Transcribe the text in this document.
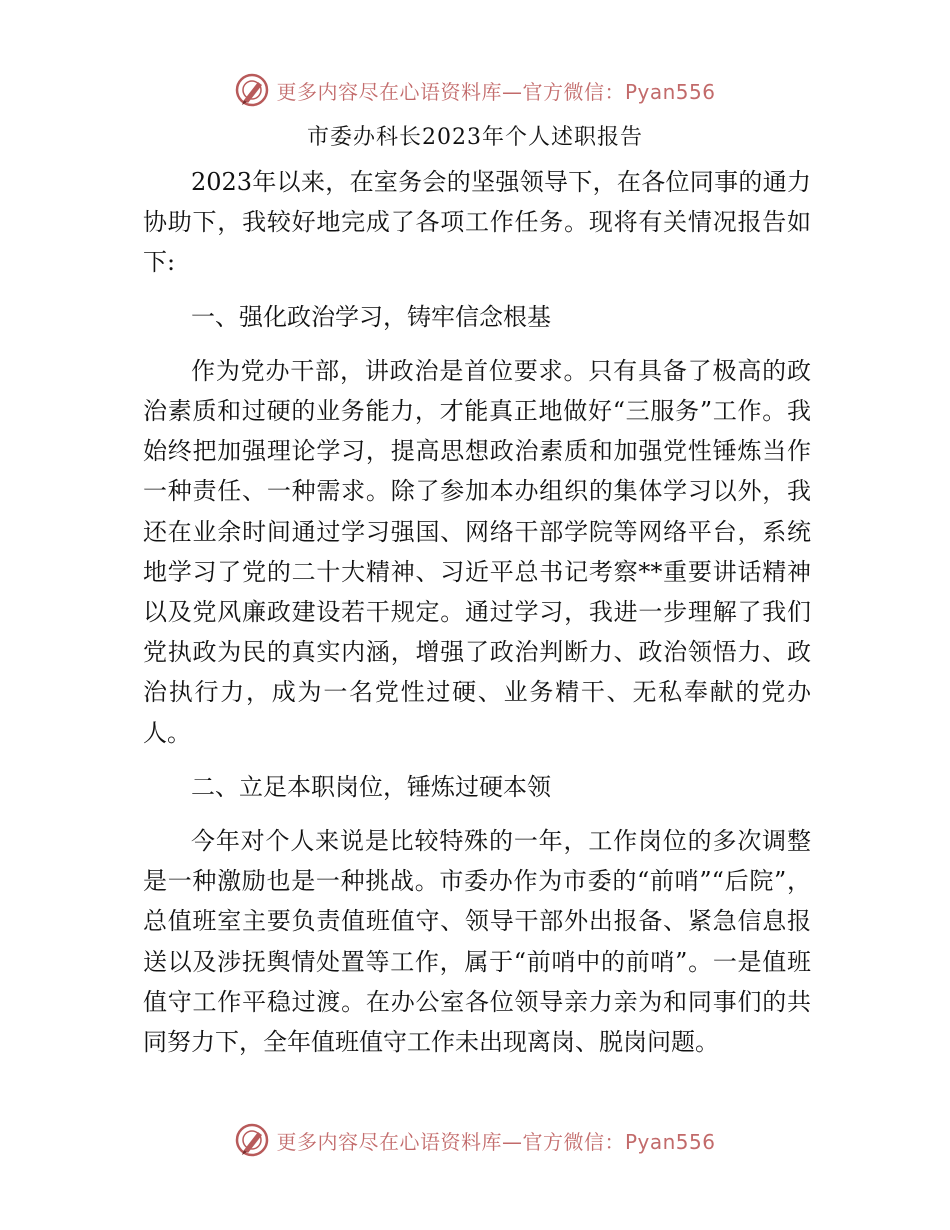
更多内容尽在心语资料库—官方微信：Pyan556
市委办科长2023年个人述职报告

2023年以来，在室务会的坚强领导下，在各位同事的通力协助下，我较好地完成了各项工作任务。现将有关情况报告如下:

一、强化政治学习，铸牢信念根基

作为党办干部，讲政治是首位要求。只有具备了极高的政治素质和过硬的业务能力，才能真正地做好“三服务”工作。我始终把加强理论学习，提高思想政治素质和加强党性锤炼当作一种责任、一种需求。除了参加本办组织的集体学习以外，我还在业余时间通过学习强国、网络干部学院等网络平台，系统地学习了党的二十大精神、习近平总书记考察**重要讲话精神以及党风廉政建设若干规定。通过学习，我进一步理解了我们党执政为民的真实内涵，增强了政治判断力、政治领悟力、政治执行力，成为一名党性过硬、业务精干、无私奉献的党办人。

二、立足本职岗位，锤炼过硬本领

今年对个人来说是比较特殊的一年，工作岗位的多次调整是一种激励也是一种挑战。市委办作为市委的“前哨”“后院”，总值班室主要负责值班值守、领导干部外出报备、紧急信息报送以及涉抚舆情处置等工作，属于“前哨中的前哨”。一是值班值守工作平稳过渡。在办公室各位领导亲力亲为和同事们的共同努力下，全年值班值守工作未出现离岗、脱岗问题。

更多内容尽在心语资料库—官方微信：Pyan556
